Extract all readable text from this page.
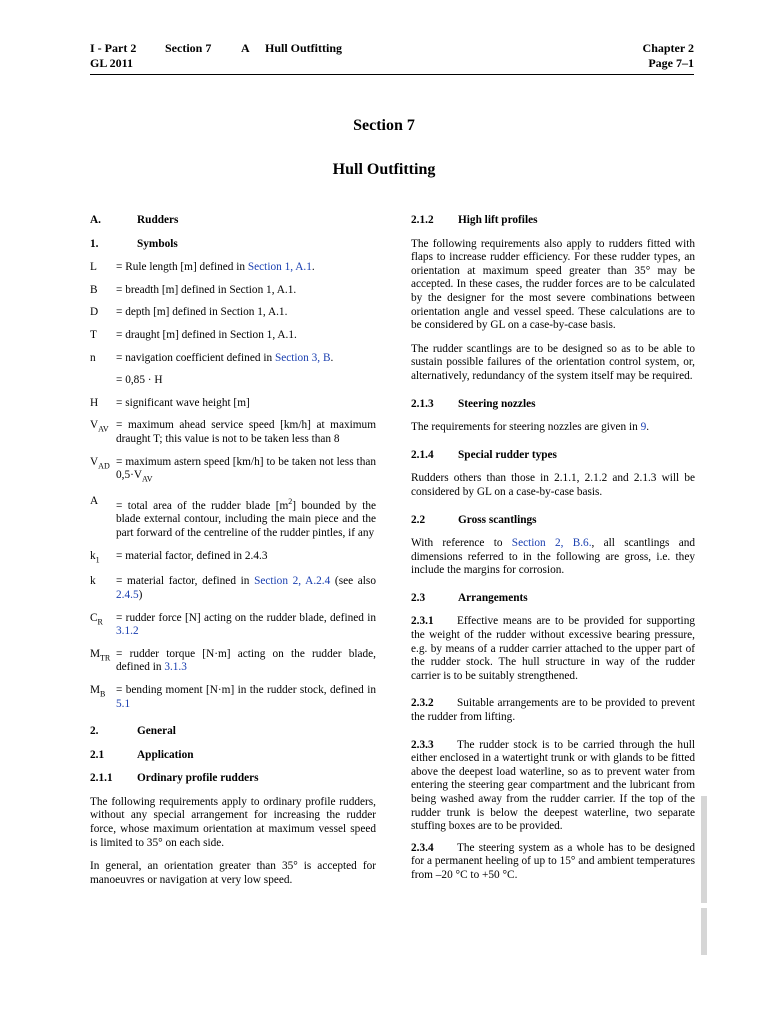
I - Part 2 Section 7 A Hull Outfitting
GL 2011
Chapter 2
Page 7–1
Section 7
Hull Outfitting
A.	Rudders
1.	Symbols
L	= Rule length [m] defined in Section 1, A.1.
B	= breadth [m] defined in Section 1, A.1.
D	= depth [m] defined in Section 1, A.1.
T	= draught [m] defined in Section 1, A.1.
n	= navigation coefficient defined in Section 3, B.
= 0,85 · H
H	= significant wave height [m]
$V_{AV}$ = maximum ahead service speed [km/h] at maximum draught T; this value is not to be taken less than 8
$V_{AD}$ = maximum astern speed [km/h] to be taken not less than $0,5\cdot V_{AV}$
A	= total area of the rudder blade $[m^2]$ bounded by the blade external contour, including the main piece and the part forward of the centreline of the rudder pintles, if any
$k_1$	= material factor, defined in 2.4.3
k	= material factor, defined in Section 2, A.2.4 (see also 2.4.5)
$C_R$	= rudder force [N] acting on the rudder blade, defined in 3.1.2
$M_{TR}$ = rudder torque [N·m] acting on the rudder blade, defined in 3.1.3
$M_B$ = bending moment [N·m] in the rudder stock, defined in 5.1
2.	General
2.1	Application
2.1.1	Ordinary profile rudders

The following requirements apply to ordinary profile rudders, without any special arrangement for increasing the rudder force, whose maximum orientation at maximum vessel speed is limited to 35° on each side.

In general, an orientation greater than 35° is accepted for manoeuvres or navigation at very low speed.

2.1.2	High lift profiles

The following requirements also apply to rudders fitted with flaps to increase rudder efficiency. For these rudder types, an orientation at maximum speed greater than 35° may be accepted. In these cases, the rudder forces are to be calculated by the designer for the most severe combinations between orientation angle and vessel speed. These calculations are to be considered by GL on a case-by-case basis.

The rudder scantlings are to be designed so as to be able to sustain possible failures of the orientation control system, or, alternatively, redundancy of the system itself may be required.

2.1.3	Steering nozzles

The requirements for steering nozzles are given in 9.

2.1.4	Special rudder types

Rudders others than those in 2.1.1, 2.1.2 and 2.1.3 will be considered by GL on a case-by-case basis.

2.2	Gross scantlings

With reference to Section 2, B.6., all scantlings and dimensions referred to in the following are gross, i.e. they include the margins for corrosion.

2.3	Arrangements

2.3.1 Effective means are to be provided for supporting the weight of the rudder without excessive bearing pressure, e.g. by means of a rudder carrier attached to the upper part of the rudder stock. The hull structure in way of the rudder carrier is to be suitably strengthened.

2.3.2 Suitable arrangements are to be provided to prevent the rudder from lifting.

2.3.3 The rudder stock is to be carried through the hull either enclosed in a watertight trunk or with glands to be fitted above the deepest load waterline, so as to prevent water from entering the steering gear compartment and the lubricant from being washed away from the rudder carrier. If the top of the rudder trunk is below the deepest waterline, two separate stuffing boxes are to be provided.

2.3.4 The steering system as a whole has to be designed for a permanent heeling of up to 15° and ambient temperatures from –20 °C to +50 °C.
